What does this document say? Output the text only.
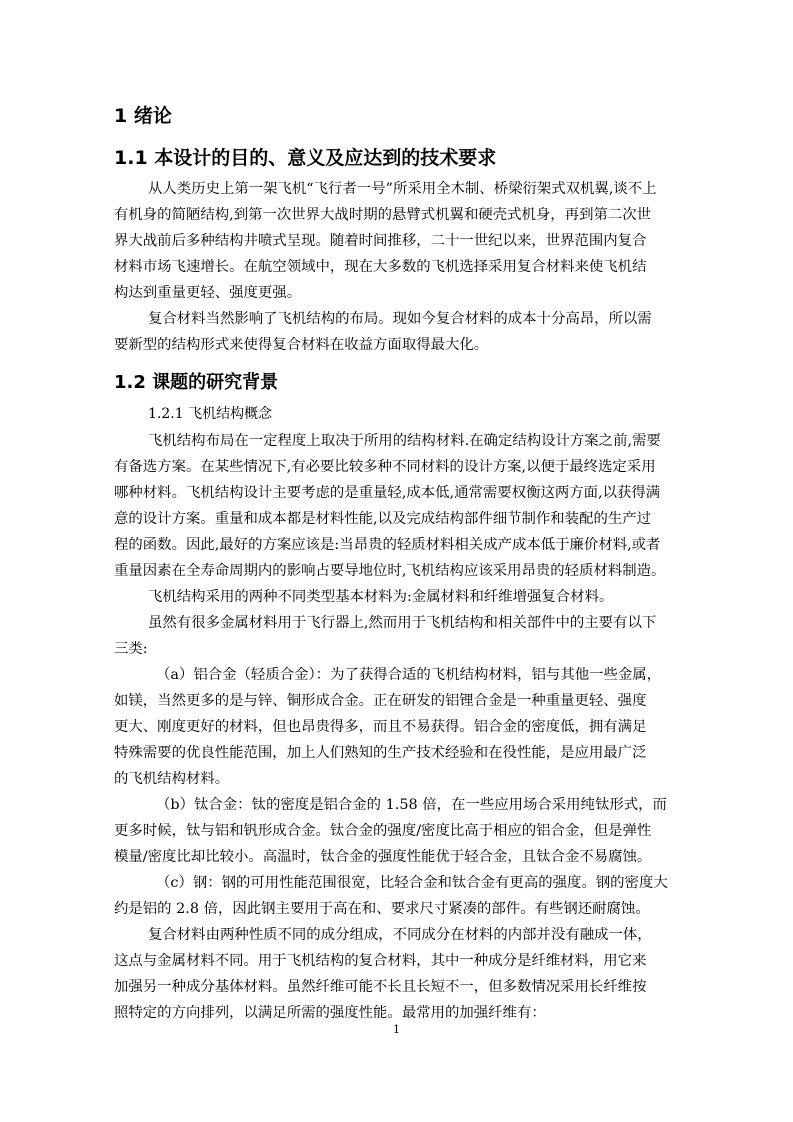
1 绪论
1.1 本设计的目的、意义及应达到的技术要求
从人类历史上第一架飞机“飞行者一号”所采用全木制、桥梁衍架式双机翼,谈不上
有机身的简陋结构,到第一次世界大战时期的悬臂式机翼和硬壳式机身，再到第二次世
界大战前后多种结构井喷式呈现。随着时间推移，二十一世纪以来，世界范围内复合
材料市场飞速增长。在航空领域中，现在大多数的飞机选择采用复合材料来使飞机结
构达到重量更轻、强度更强。
复合材料当然影响了飞机结构的布局。现如今复合材料的成本十分高昂，所以需
要新型的结构形式来使得复合材料在收益方面取得最大化。
1.2 课题的研究背景
1.2.1 飞机结构概念
飞机结构布局在一定程度上取决于所用的结构材料.在确定结构设计方案之前,需要
有备选方案。在某些情况下,有必要比较多种不同材料的设计方案,以便于最终选定采用
哪种材料。飞机结构设计主要考虑的是重量轻,成本低,通常需要权衡这两方面,以获得满
意的设计方案。重量和成本都是材料性能,以及完成结构部件细节制作和装配的生产过
程的函数。因此,最好的方案应该是:当昂贵的轻质材料相关成产成本低于廉价材料,或者
重量因素在全寿命周期内的影响占要导地位时,飞机结构应该采用昂贵的轻质材料制造。
飞机结构采用的两种不同类型基本材料为:金属材料和纤维增强复合材料。
虽然有很多金属材料用于飞行器上,然而用于飞机结构和相关部件中的主要有以下
三类:
（a）铝合金（轻质合金）：为了获得合适的飞机结构材料，铝与其他一些金属，
如镁，当然更多的是与锌、铜形成合金。正在研发的铝锂合金是一种重量更轻、强度
更大、刚度更好的材料，但也昂贵得多，而且不易获得。铝合金的密度低，拥有满足
特殊需要的优良性能范围，加上人们熟知的生产技术经验和在役性能，是应用最广泛
的飞机结构材料。
（b）钛合金：钛的密度是铝合金的 1.58 倍，在一些应用场合采用纯钛形式，而
更多时候，钛与铝和钒形成合金。钛合金的强度/密度比高于相应的铝合金，但是弹性
模量/密度比却比较小。高温时，钛合金的强度性能优于轻合金，且钛合金不易腐蚀。
（c）钢：钢的可用性能范围很宽，比轻合金和钛合金有更高的强度。钢的密度大
约是铝的 2.8 倍，因此钢主要用于高在和、要求尺寸紧凑的部件。有些钢还耐腐蚀。
复合材料由两种性质不同的成分组成，不同成分在材料的内部并没有融成一体，
这点与金属材料不同。用于飞机结构的复合材料，其中一种成分是纤维材料，用它来
加强另一种成分基体材料。虽然纤维可能不长且长短不一，但多数情况采用长纤维按
照特定的方向排列，以满足所需的强度性能。最常用的加强纤维有：
1
